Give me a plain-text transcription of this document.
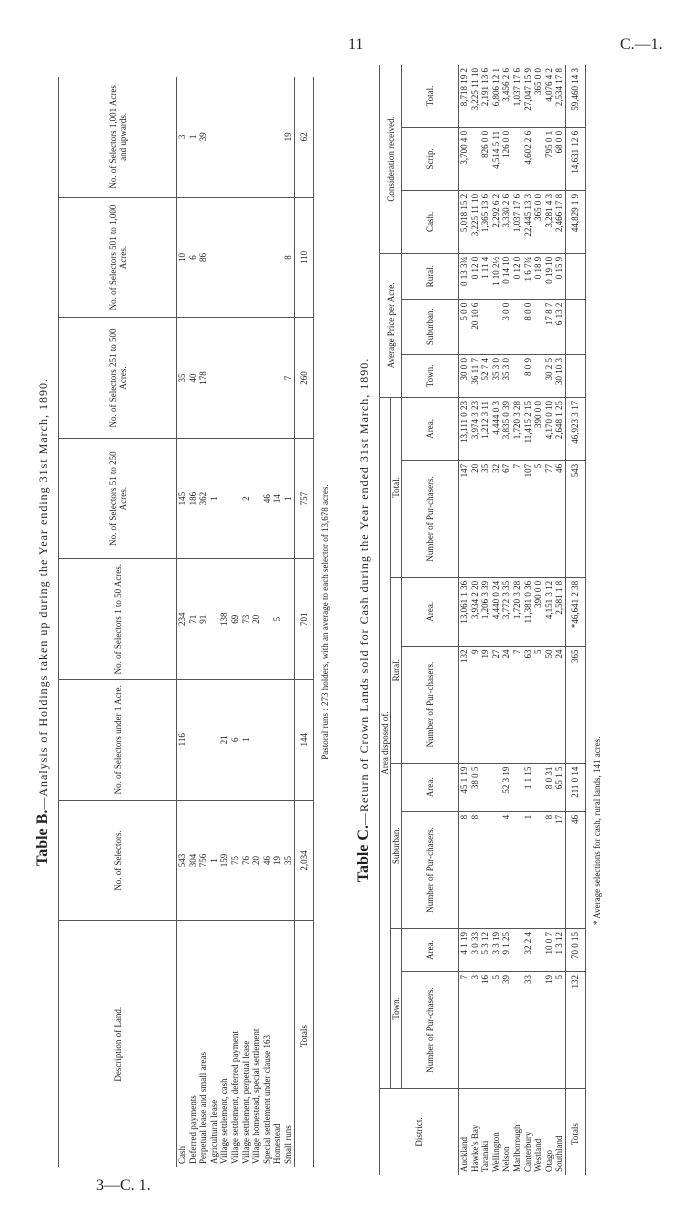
11	C.—1.
3—C. 1.
Table B.—Analysis of Holdings taken up during the Year ending 31st March, 1890.
Description of Land.	No. of Selectors.	No. of Selectors under 1 Acre.	No. of Selectors 1 to 50 Acres.	No. of Selectors 51 to 250 Acres.	No. of Selectors 251 to 500 Acres.	No. of Selectors 501 to 1,000 Acres.	No. of Selectors 1,001 Acres and upwards.
Cash	543	116	234	145	35	10	3
Deferred payments	304		71	186	40	6	1
Perpetual lease and small areas	756		91	362	178	86	39
Agricultural lease	1			1			
Village settlement, cash	159	21	138				
Village settlement, deferred payment	75	6	69				
Village settlement, perpetual lease	76	1	73	2			
Village homestead, special settlement	20		20				
Special settlement under clause 163	46			46			
Homestead	19		5	14			
Small runs	35			1	7	8	19
Totals	2,034	144	701	757	260	110	62
Pastoral runs : 273 holders, with an average to each selector of 13,678 acres.
Table C.—Return of Crown Lands sold for Cash during the Year ended 31st March, 1890.
District.	Area disposed of.								Average Price per Acre.			Consideration received.		
	Town.		Suburban.		Rural.		Total.							
	Number of Pur-chasers.	Area.	Number of Pur-chasers.	Area.	Number of Pur-chasers.	Area.	Number of Pur-chasers.	Area.	Town.	Suburban.	Rural.	Cash.	Scrip.	Total.
Auckland	7	4 1 19	8	45 1 19	132	13,061 1 36	147	13,111 0 23	30 0 0	5 0 0	0 13 3¾	5,018 15 2	3,700 4 0	8,718 19 2
Hawke's Bay	3	3 0 33	8	38 0 5	9	3,934 2 20	20	3,974 3 23	36 11 7	20 10 6	0 12 0	3,225 11 10		3,225 11 10
Taranaki	16	5 3 12			19	1,206 3 39	35	1,212 3 11	52 7 4		1 11 4	1,365 13 6	826 0 0	2,191 13 6
Wellington	5	3 3 19			27	4,440 0 24	32	4,444 0 3	35 3 0		1 10 2½	2,292 6 2	4,514 5 11	6,806 12 1
Nelson	39	9 1 25	4	52 3 19	24	3,772 3 35	67	3,835 0 39	35 3 0	3 0 0	0 14 10	3,330 2 6	126 0 0	3,456 2 6
Marlborough					7	1,720 3 28	7	1,720 3 28			0 12 0	1,037 17 6		1,037 17 6
Canterbury	33	32 2 4	1	1 1 15	63	11,381 0 36	107	11,415 2 15	8 0 9	8 0 0	1 6 7¾	22,445 13 3	4,602 2 6	27,047 15 9
Westland					5	390 0 0	5	390 0 0			0 18 9	365 0 0		365 0 0
Otago	19	10 0 7	8	8 0 31	50	4,151 3 12	77	4,170 0 10	30 2 5	17 8 7	0 19 10	3,281 4 3	795 0 1	4,076 4 2
Southland	5	1 3 12	17	65 1 5	24	2,581 1 8	46	2,648 1 25	30 10 3	6 13 2	0 15 9	2,466 17 8	68 0 0	2,534 17 8
Totals	132	70 0 15	46	211 0 14	365	*46,641 2 38	543	46,923 3 17				44,829 1 9	14,631 12 6	59,460 14 3
* Average selections for cash, rural lands, 141 acres.
